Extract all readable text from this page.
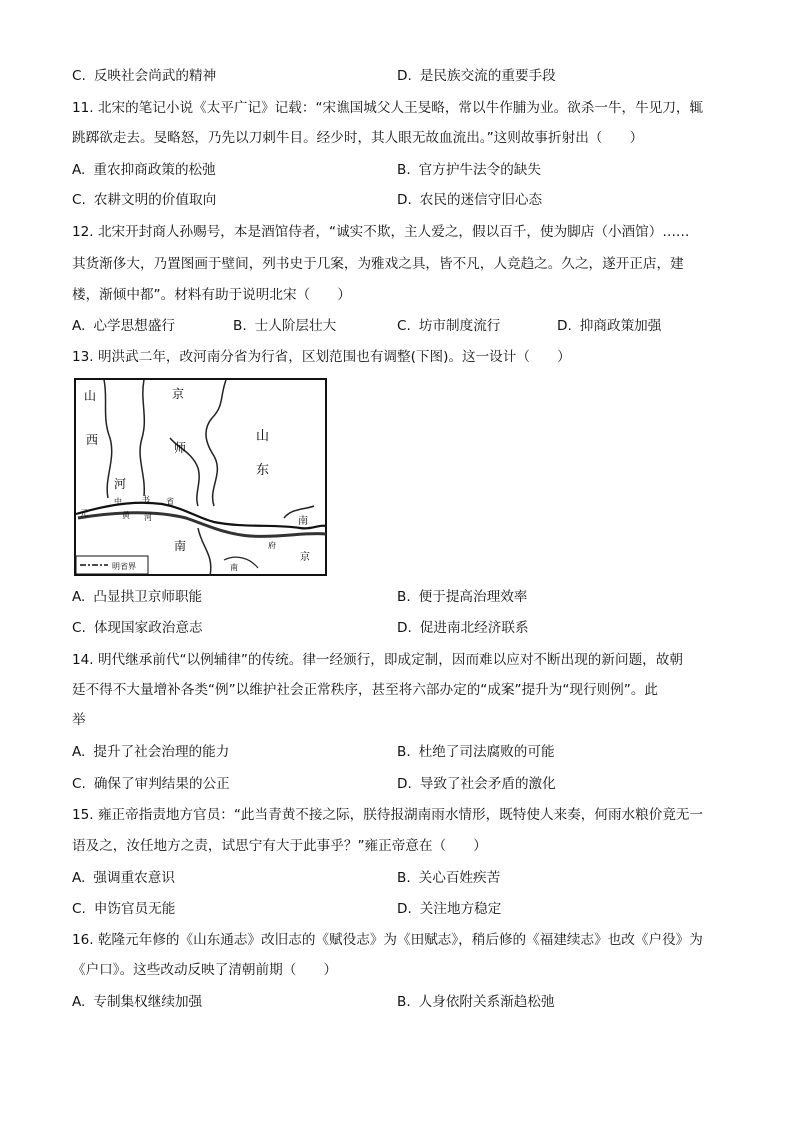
C. 反映社会尚武的精神	D. 是民族交流的重要手段
11. 北宋的笔记小说《太平广记》记载：“宋谯国城父人王旻略，常以牛作脯为业。欲杀一牛，牛见刀，辄
跳踯欲走去。旻略怒，乃先以刀刺牛目。经少时，其人眼无故血流出。”这则故事折射出（　　）
A. 重农抑商政策的松弛	B. 官方护牛法令的缺失
C. 农耕文明的价值取向	D. 农民的迷信守旧心态
12. 北宋开封商人孙赐号，本是酒馆侍者，“诚实不欺，主人爱之，假以百千，使为脚店（小酒馆）……
其货渐侈大，乃置图画于壁间，列书史于几案，为雅戏之具，皆不凡，人竞趋之。久之，遂开正店，建
楼，渐倾中都”。材料有助于说明北宋（　　）
A. 心学思想盛行	B. 士人阶层壮大	C. 坊市制度流行	D. 抑商政策加强
13. 明洪武二年，改河南分省为行省，区划范围也有调整(下图)。这一设计（　　）
山	京
西	山
师
东
河
中	书 省
黄 河
元
南
南
京
府
南
明省界
A. 凸显拱卫京师职能	B. 便于提高治理效率
C. 体现国家政治意志	D. 促进南北经济联系
14. 明代继承前代“以例辅律”的传统。律一经颁行，即成定制，因而难以应对不断出现的新问题，故朝
廷不得不大量增补各类“例”以维护社会正常秩序，甚至将六部办定的“成案”提升为“现行则例”。此
举
A. 提升了社会治理的能力	B. 杜绝了司法腐败的可能
C. 确保了审判结果的公正	D. 导致了社会矛盾的激化
15. 雍正帝指责地方官员：“此当青黄不接之际，朕待报湖南雨水情形，既特使人来奏，何雨水粮价竟无一
语及之，汝任地方之责，试思宁有大于此事乎？”雍正帝意在（　　）
A. 强调重农意识	B. 关心百姓疾苦
C. 申饬官员无能	D. 关注地方稳定
16. 乾隆元年修的《山东通志》改旧志的《赋役志》为《田赋志》，稍后修的《福建续志》也改《户役》为
《户口》。这些改动反映了清朝前期（　　）
A. 专制集权继续加强	B. 人身依附关系渐趋松弛
